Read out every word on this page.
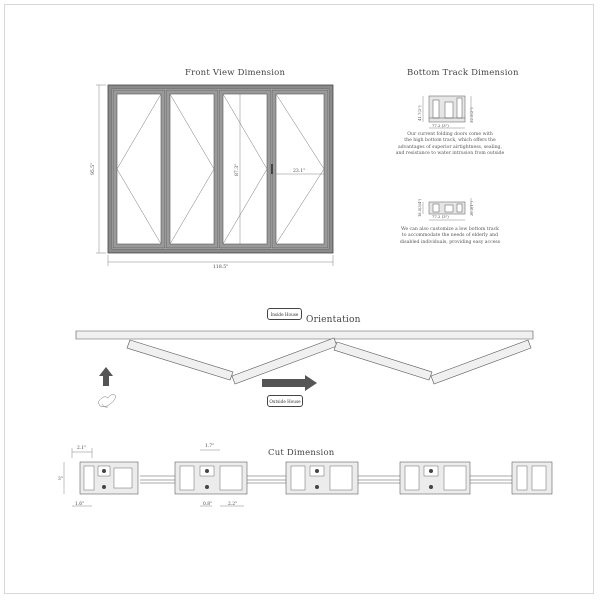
Front View Dimension
118.5"
95.5"	87.3"	23.1"
Bottom Track Dimension
41.7(2")	52.5(2")
77.2 (3")
Our current folding doors come with
the high bottom track, which offers the
advantages of superior airtightness, sealing,
and resistance to water intrusion from outside
18.5(3/4")	30.3(1")
77.2 (3")
We can also customize a low bottom track
to accommodate the needs of elderly and
disabled individuals, providing easy access
Inside House
Orientation
Outside House
Cut Dimension
2.1"
3"
1.6"
1.7"
0.8"	2.2"
